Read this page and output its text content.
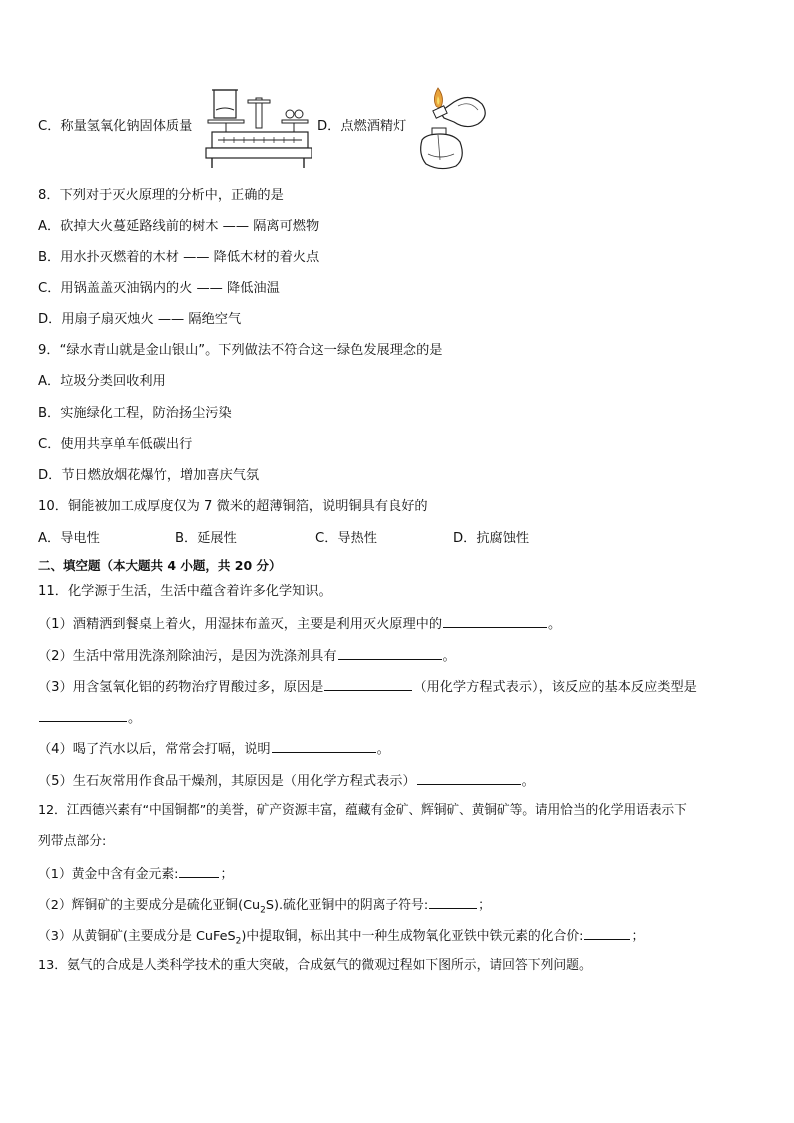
C．称量氢氧化钠固体质量	D．点燃酒精灯
8．下列对于灭火原理的分析中，正确的是
A．砍掉大火蔓延路线前的树木 —— 隔离可燃物
B．用水扑灭燃着的木材 —— 降低木材的着火点
C．用锅盖盖灭油锅内的火 —— 降低油温
D．用扇子扇灭烛火 —— 隔绝空气
9．“绿水青山就是金山银山”。下列做法不符合这一绿色发展理念的是
A．垃圾分类回收利用
B．实施绿化工程，防治扬尘污染
C．使用共享单车低碳出行
D．节日燃放烟花爆竹，增加喜庆气氛
10．铜能被加工成厚度仅为 7 微米的超薄铜箔，说明铜具有良好的
A．导电性	B．延展性	C．导热性	D．抗腐蚀性
二、填空题（本大题共 4 小题，共 20 分）
11．化学源于生活，生活中蕴含着许多化学知识。
（1）酒精洒到餐桌上着火，用湿抹布盖灭，主要是利用灭火原理中的	。
（2）生活中常用洗涤剂除油污，是因为洗涤剂具有	。
（3）用含氢氧化铝的药物治疗胃酸过多，原因是	（用化学方程式表示），该反应的基本反应类型是
。
（4）喝了汽水以后，常常会打嗝，说明	。
（5）生石灰常用作食品干燥剂，其原因是（用化学方程式表示）	。
12．江西德兴素有“中国铜都”的美誉，矿产资源丰富，蕴藏有金矿、辉铜矿、黄铜矿等。请用恰当的化学用语表示下
列带点部分:
（1）黄金中含有金元素:	；
（2）辉铜矿的主要成分是硫化亚铜$(Cu_2S)$.硫化亚铜中的阴离子符号:	；
（3）从黄铜矿(主要成分是 CuFeS$_2$)中提取铜，标出其中一种生成物氧化亚铁中铁元素的化合价:	；
13．氨气的合成是人类科学技术的重大突破，合成氨气的微观过程如下图所示，请回答下列问题。
